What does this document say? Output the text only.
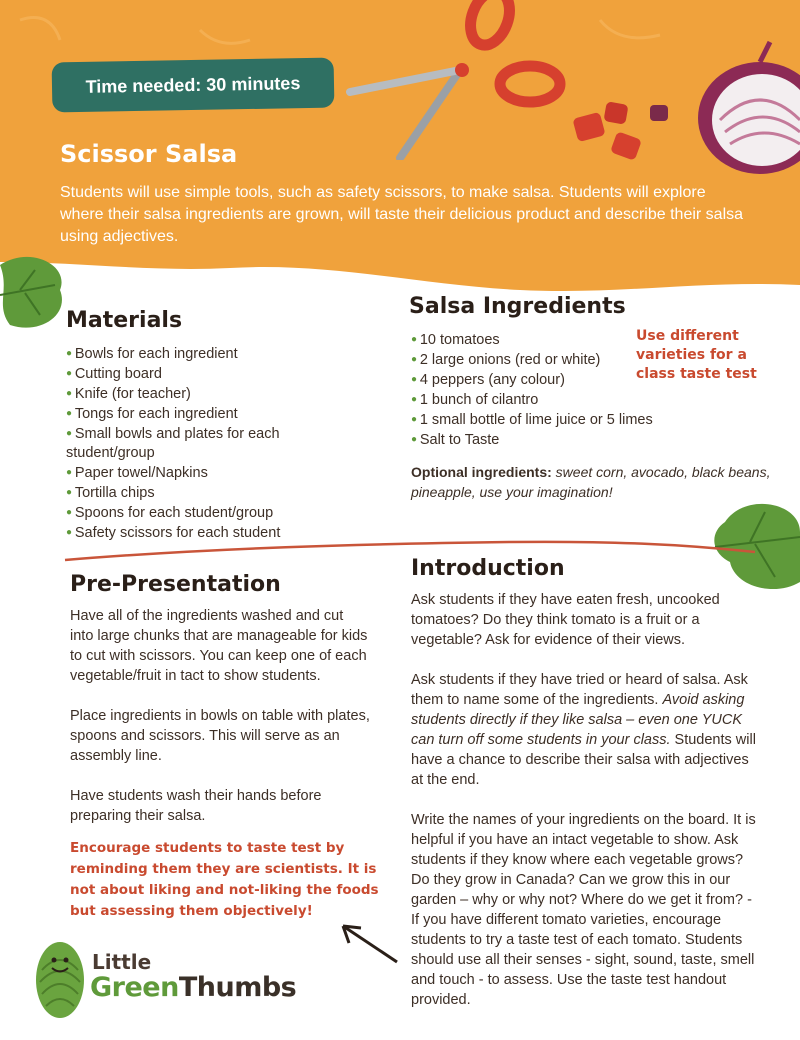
Time needed: 30 minutes
Scissor Salsa
Students will use simple tools, such as safety scissors, to make salsa. Students will explore where their salsa ingredients are grown, will taste their delicious product and describe their salsa using adjectives.
Materials
● Bowls for each ingredient
● Cutting board
● Knife (for teacher)
● Tongs for each ingredient
● Small bowls and plates for each student/group
● Paper towel/Napkins
● Tortilla chips
● Spoons for each student/group
● Safety scissors for each student
Salsa Ingredients
● 10 tomatoes
● 2 large onions (red or white)
● 4 peppers (any colour)
● 1 bunch of cilantro
● 1 small bottle of lime juice or 5 limes
● Salt to Taste
Use different varieties for a class taste test
Optional ingredients: sweet corn, avocado, black beans, pineapple, use your imagination!
Pre-Presentation

Have all of the ingredients washed and cut into large chunks that are manageable for kids to cut with scissors. You can keep one of each vegetable/fruit in tact to show students.

Place ingredients in bowls on table with plates, spoons and scissors. This will serve as an assembly line.

Have students wash their hands before preparing their salsa.

Encourage students to taste test by reminding them they are scientists. It is not about liking and not-liking the foods but assessing them objectively!
Introduction

Ask students if they have eaten fresh, uncooked tomatoes? Do they think tomato is a fruit or a vegetable? Ask for evidence of their views.

Ask students if they have tried or heard of salsa. Ask them to name some of the ingredients. Avoid asking students directly if they like salsa – even one YUCK can turn off some students in your class. Students will have a chance to describe their salsa with adjectives at the end.

Write the names of your ingredients on the board. It is helpful if you have an intact vegetable to show. Ask students if they know where each vegetable grows? Do they grow in Canada? Can we grow this in our garden – why or why not? Where do we get it from? - If you have different tomato varieties, encourage students to try a taste test of each tomato. Students should use all their senses - sight, sound, taste, smell and touch - to assess. Use the taste test handout provided.

Little
GreenThumbs
